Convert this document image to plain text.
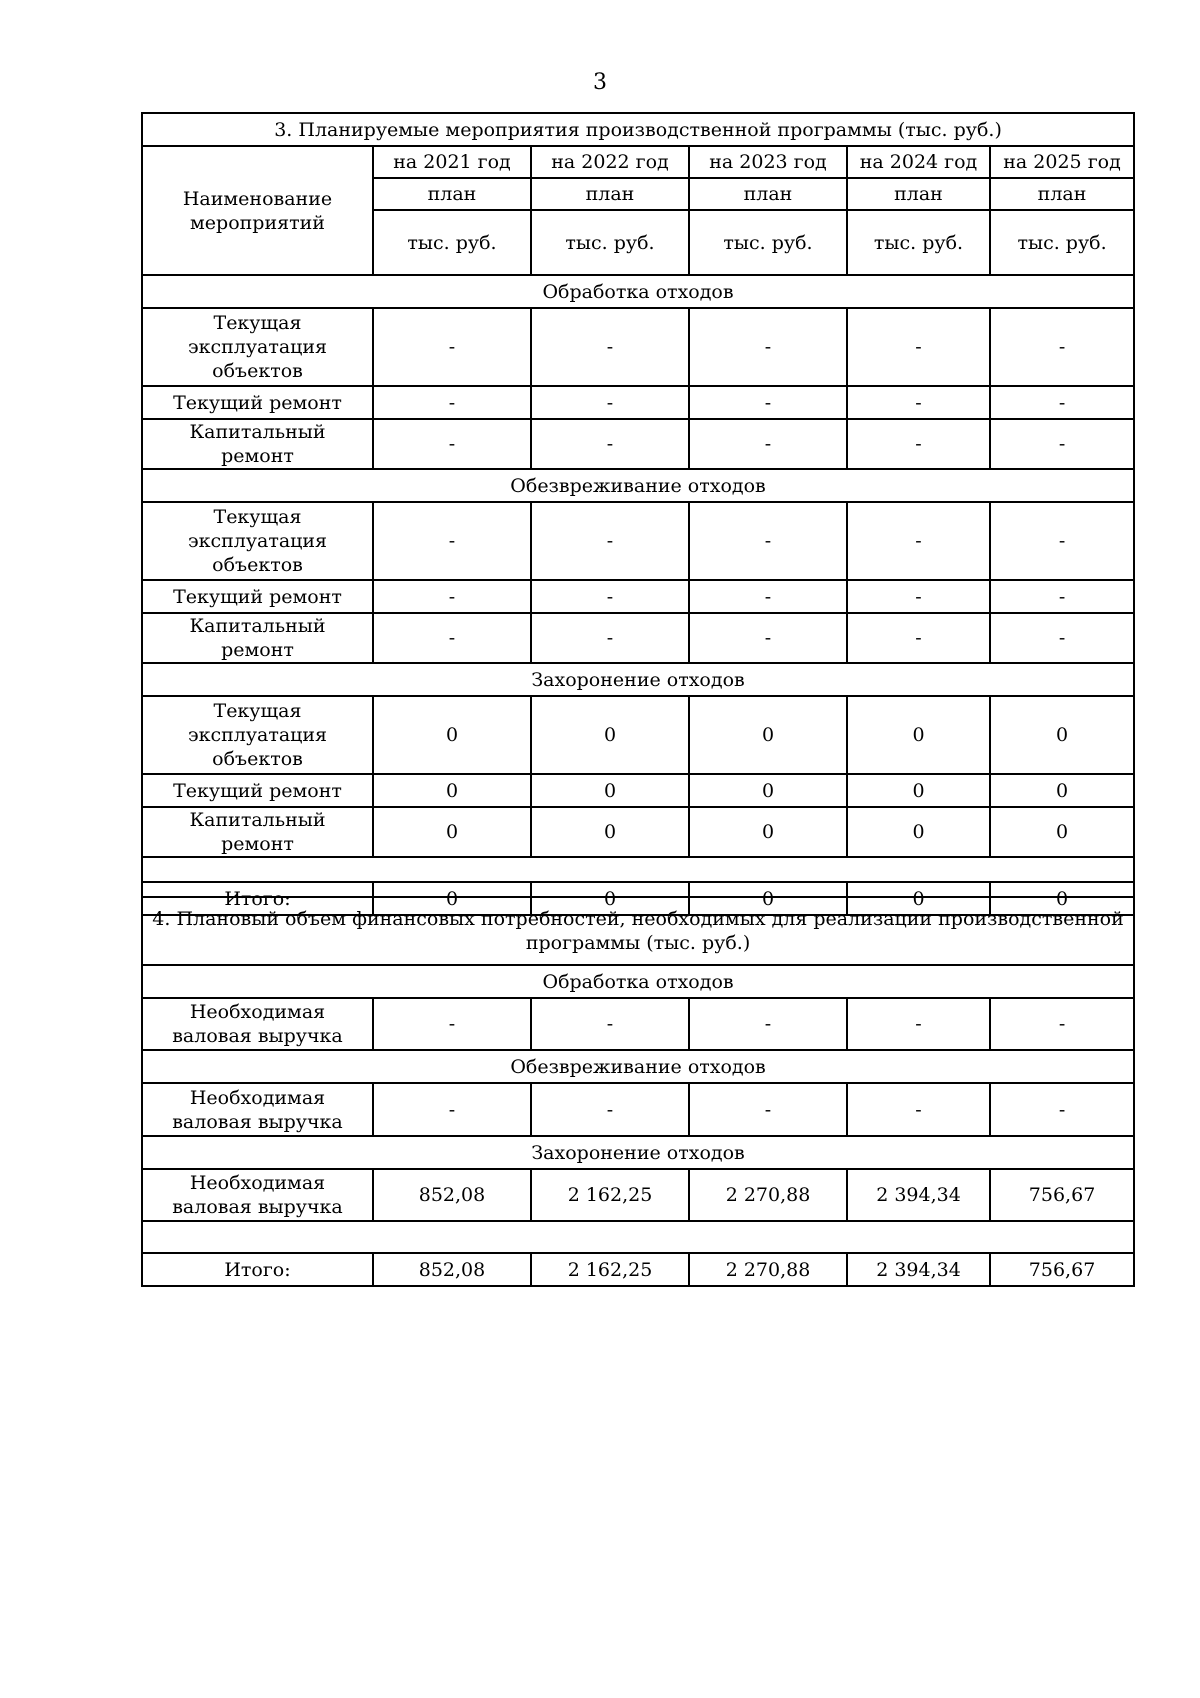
3
3. Планируемые мероприятия производственной программы (тыс. руб.)					
Наименование мероприятий	на 2021 год	на 2022 год	на 2023 год	на 2024 год	на 2025 год
	план	план	план	план	план
	тыс. руб.	тыс. руб.	тыс. руб.	тыс. руб.	тыс. руб.
Обработка отходов					
Текущая эксплуатация объектов	-	-	-	-	-
Текущий ремонт	-	-	-	-	-
Капитальный ремонт	-	-	-	-	-
Обезвреживание отходов					
Текущая эксплуатация объектов	-	-	-	-	-
Текущий ремонт	-	-	-	-	-
Капитальный ремонт	-	-	-	-	-
Захоронение отходов					
Текущая эксплуатация объектов	0	0	0	0	0
Текущий ремонт	0	0	0	0	0
Капитальный ремонт	0	0	0	0	0

Итого:	0	0	0	0	0
4. Плановый объем финансовых потребностей, необходимых для реализации производственной программы (тыс. руб.)					
Обработка отходов					
Необходимая валовая выручка	-	-	-	-	-
Обезвреживание отходов					
Необходимая валовая выручка	-	-	-	-	-
Захоронение отходов					
Необходимая валовая выручка	852,08	2 162,25	2 270,88	2 394,34	756,67

Итого:	852,08	2 162,25	2 270,88	2 394,34	756,67
